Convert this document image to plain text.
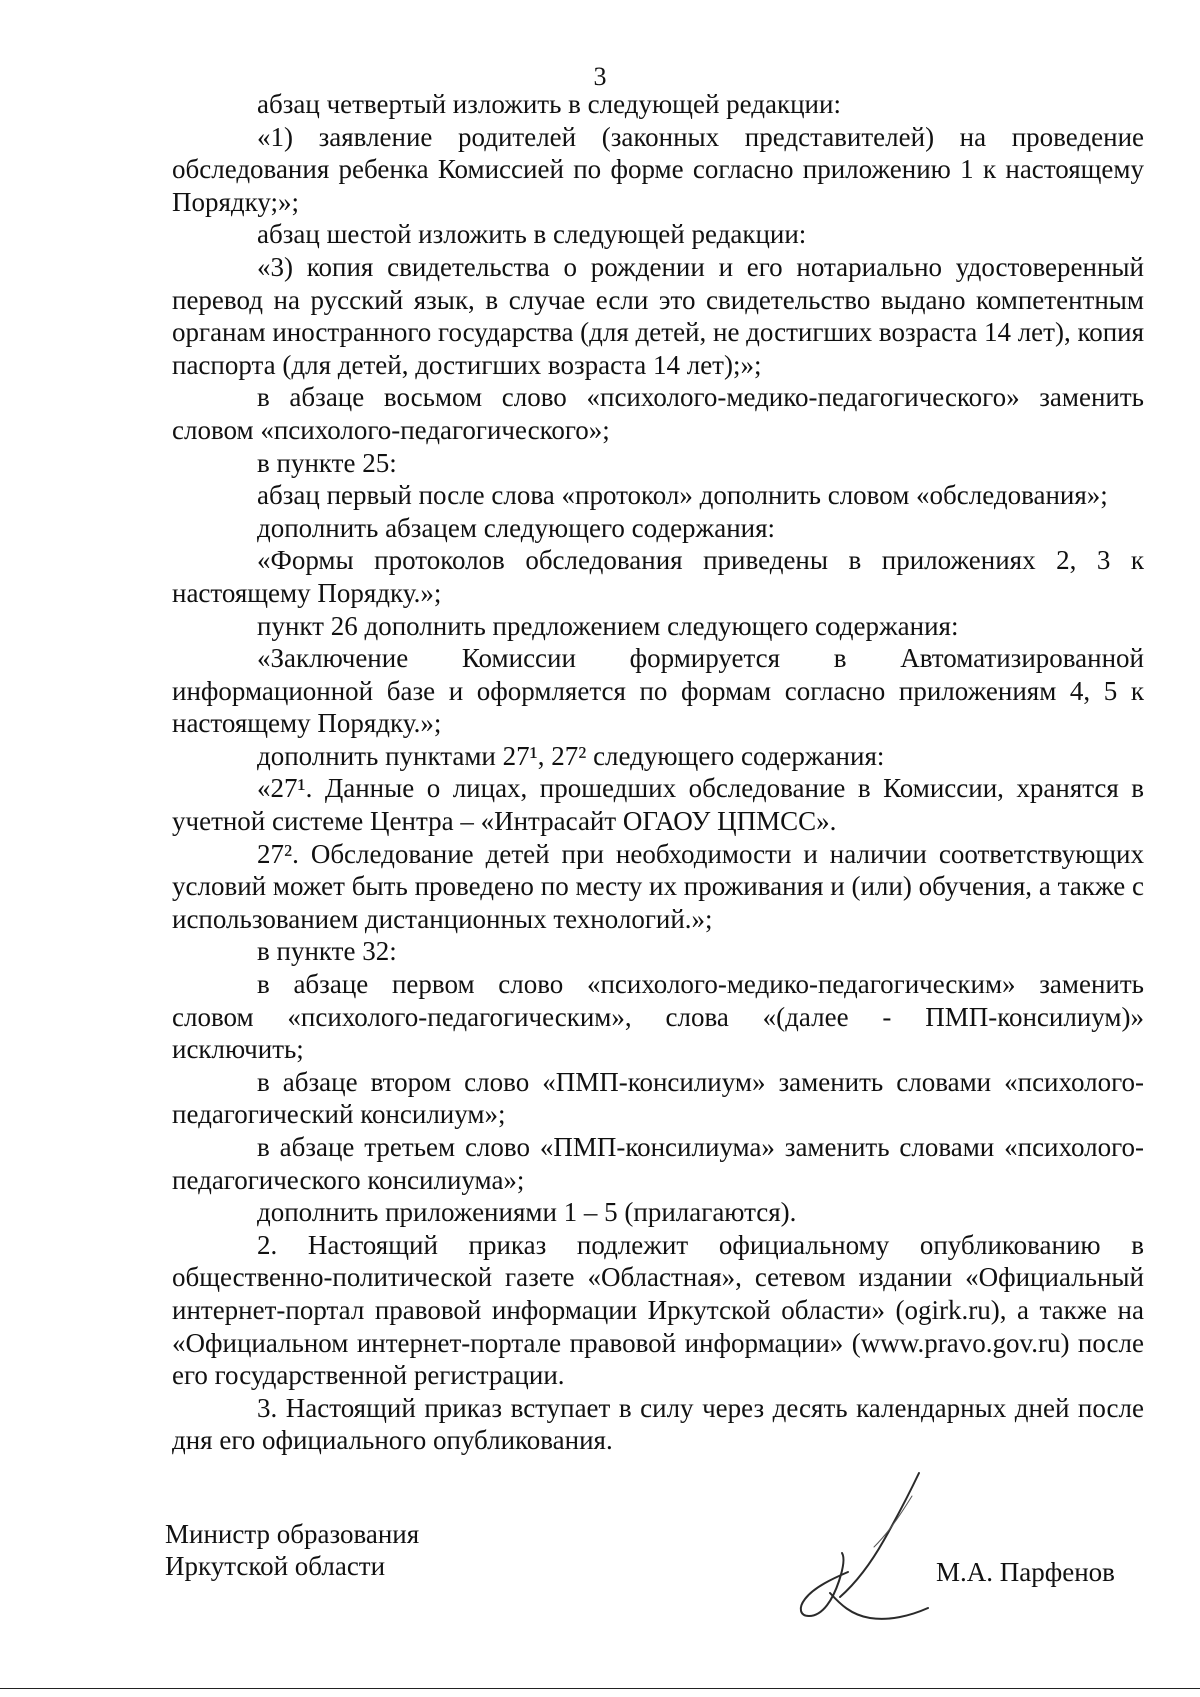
3

абзац четвертый изложить в следующей редакции:

«1) заявление родителей (законных представителей) на проведение обследования ребенка Комиссией по форме согласно приложению 1 к настоящему Порядку;»;

абзац шестой изложить в следующей редакции:

«3) копия свидетельства о рождении и его нотариально удостоверенный перевод на русский язык, в случае если это свидетельство выдано компетентным органам иностранного государства (для детей, не достигших возраста 14 лет), копия паспорта (для детей, достигших возраста 14 лет);»;

в абзаце восьмом слово «психолого-медико-педагогического» заменить словом «психолого-педагогического»;

в пункте 25:

абзац первый после слова «протокол» дополнить словом «обследования»;

дополнить абзацем следующего содержания:

«Формы протоколов обследования приведены в приложениях 2, 3 к настоящему Порядку.»;

пункт 26 дополнить предложением следующего содержания:

«Заключение Комиссии формируется в Автоматизированной информационной базе и оформляется по формам согласно приложениям 4, 5 к настоящему Порядку.»;

дополнить пунктами 27¹, 27² следующего содержания:

«27¹. Данные о лицах, прошедших обследование в Комиссии, хранятся в учетной системе Центра – «Интрасайт ОГАОУ ЦПМСС».

27². Обследование детей при необходимости и наличии соответствующих условий может быть проведено по месту их проживания и (или) обучения, а также с использованием дистанционных технологий.»;

в пункте 32:

в абзаце первом слово «психолого-медико-педагогическим» заменить словом «психолого-педагогическим», слова «(далее - ПМП-консилиум)» исключить;

в абзаце втором слово «ПМП-консилиум» заменить словами «психолого-педагогический консилиум»;

в абзаце третьем слово «ПМП-консилиума» заменить словами «психолого-педагогического консилиума»;

дополнить приложениями 1 – 5 (прилагаются).

2. Настоящий приказ подлежит официальному опубликованию в общественно-политической газете «Областная», сетевом издании «Официальный интернет-портал правовой информации Иркутской области» (ogirk.ru), а также на «Официальном интернет-портале правовой информации» (www.pravo.gov.ru) после его государственной регистрации.

3. Настоящий приказ вступает в силу через десять календарных дней после дня его официального опубликования.

Министр образования
Иркутской области	М.А. Парфенов
